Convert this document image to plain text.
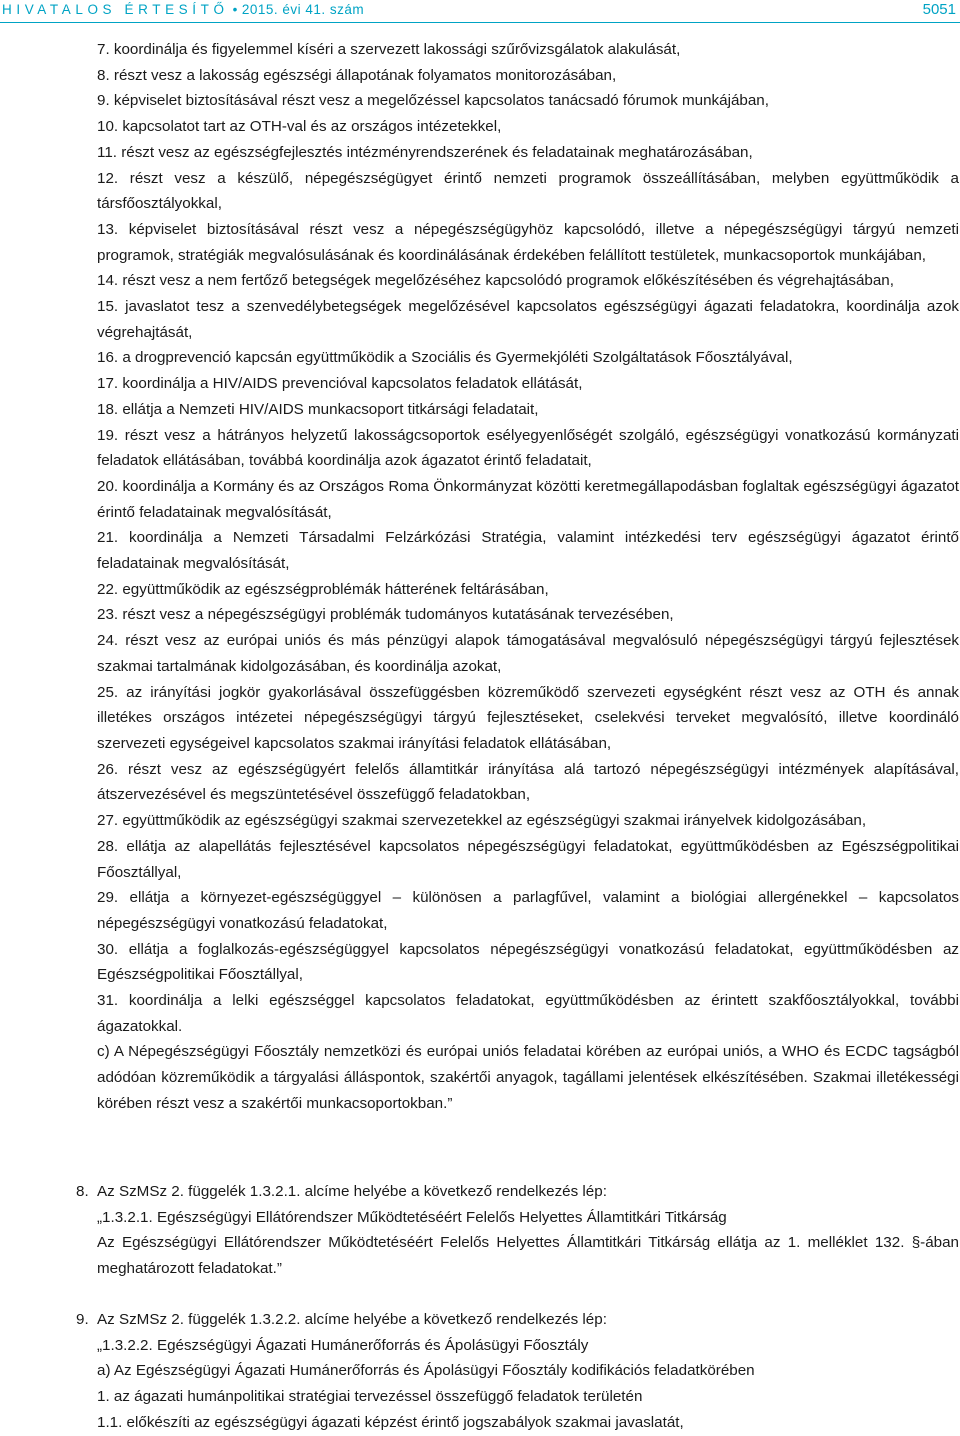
HIVATALOS ÉRTESÍTŐ • 2015. évi 41. szám	5051

7. koordinálja és figyelemmel kíséri a szervezett lakossági szűrővizsgálatok alakulását,

8. részt vesz a lakosság egészségi állapotának folyamatos monitorozásában,

9. képviselet biztosításával részt vesz a megelőzéssel kapcsolatos tanácsadó fórumok munkájában,

10. kapcsolatot tart az OTH-val és az országos intézetekkel,

11. részt vesz az egészségfejlesztés intézményrendszerének és feladatainak meghatározásában,

12. részt vesz a készülő, népegészségügyet érintő nemzeti programok összeállításában, melyben együttműködik a társfőosztályokkal,

13. képviselet biztosításával részt vesz a népegészségügyhöz kapcsolódó, illetve a népegészségügyi tárgyú nemzeti programok, stratégiák megvalósulásának és koordinálásának érdekében felállított testületek, munkacsoportok munkájában,

14. részt vesz a nem fertőző betegségek megelőzéséhez kapcsolódó programok előkészítésében és végrehajtásában,

15. javaslatot tesz a szenvedélybetegségek megelőzésével kapcsolatos egészségügyi ágazati feladatokra, koordinálja azok végrehajtását,

16. a drogprevenció kapcsán együttműködik a Szociális és Gyermekjóléti Szolgáltatások Főosztályával,

17. koordinálja a HIV/AIDS prevencióval kapcsolatos feladatok ellátását,

18. ellátja a Nemzeti HIV/AIDS munkacsoport titkársági feladatait,

19. részt vesz a hátrányos helyzetű lakosságcsoportok esélyegyenlőségét szolgáló, egészségügyi vonatkozású kormányzati feladatok ellátásában, továbbá koordinálja azok ágazatot érintő feladatait,

20. koordinálja a Kormány és az Országos Roma Önkormányzat közötti keretmegállapodásban foglaltak egészségügyi ágazatot érintő feladatainak megvalósítását,

21. koordinálja a Nemzeti Társadalmi Felzárkózási Stratégia, valamint intézkedési terv egészségügyi ágazatot érintő feladatainak megvalósítását,

22. együttműködik az egészségproblémák hátterének feltárásában,

23. részt vesz a népegészségügyi problémák tudományos kutatásának tervezésében,

24. részt vesz az európai uniós és más pénzügyi alapok támogatásával megvalósuló népegészségügyi tárgyú fejlesztések szakmai tartalmának kidolgozásában, és koordinálja azokat,

25. az irányítási jogkör gyakorlásával összefüggésben közreműködő szervezeti egységként részt vesz az OTH és annak illetékes országos intézetei népegészségügyi tárgyú fejlesztéseket, cselekvési terveket megvalósító, illetve koordináló szervezeti egységeivel kapcsolatos szakmai irányítási feladatok ellátásában,

26. részt vesz az egészségügyért felelős államtitkár irányítása alá tartozó népegészségügyi intézmények alapításával, átszervezésével és megszüntetésével összefüggő feladatokban,

27. együttműködik az egészségügyi szakmai szervezetekkel az egészségügyi szakmai irányelvek kidolgozásában,

28. ellátja az alapellátás fejlesztésével kapcsolatos népegészségügyi feladatokat, együttműködésben az Egészségpolitikai Főosztállyal,

29. ellátja a környezet-egészségüggyel – különösen a parlagfűvel, valamint a biológiai allergénekkel – kapcsolatos népegészségügyi vonatkozású feladatokat,

30. ellátja a foglalkozás-egészségüggyel kapcsolatos népegészségügyi vonatkozású feladatokat, együttműködésben az Egészségpolitikai Főosztállyal,

31. koordinálja a lelki egészséggel kapcsolatos feladatokat, együttműködésben az érintett szakfőosztályokkal, további ágazatokkal.

c) A Népegészségügyi Főosztály nemzetközi és európai uniós feladatai körében az európai uniós, a WHO és ECDC tagságból adódóan közreműködik a tárgyalási álláspontok, szakértői anyagok, tagállami jelentések elkészítésében. Szakmai illetékességi körében részt vesz a szakértői munkacsoportokban.”

8. Az SzMSz 2. függelék 1.3.2.1. alcíme helyébe a következő rendelkezés lép:

„1.3.2.1. Egészségügyi Ellátórendszer Működtetéséért Felelős Helyettes Államtitkári Titkárság

Az Egészségügyi Ellátórendszer Működtetéséért Felelős Helyettes Államtitkári Titkárság ellátja az 1. melléklet 132. §-ában meghatározott feladatokat.”

9. Az SzMSz 2. függelék 1.3.2.2. alcíme helyébe a következő rendelkezés lép:

„1.3.2.2. Egészségügyi Ágazati Humánerőforrás és Ápolásügyi Főosztály

a) Az Egészségügyi Ágazati Humánerőforrás és Ápolásügyi Főosztály kodifikációs feladatkörében

1. az ágazati humánpolitikai stratégiai tervezéssel összefüggő feladatok területén

1.1. előkészíti az egészségügyi ágazati képzést érintő jogszabályok szakmai javaslatát,
